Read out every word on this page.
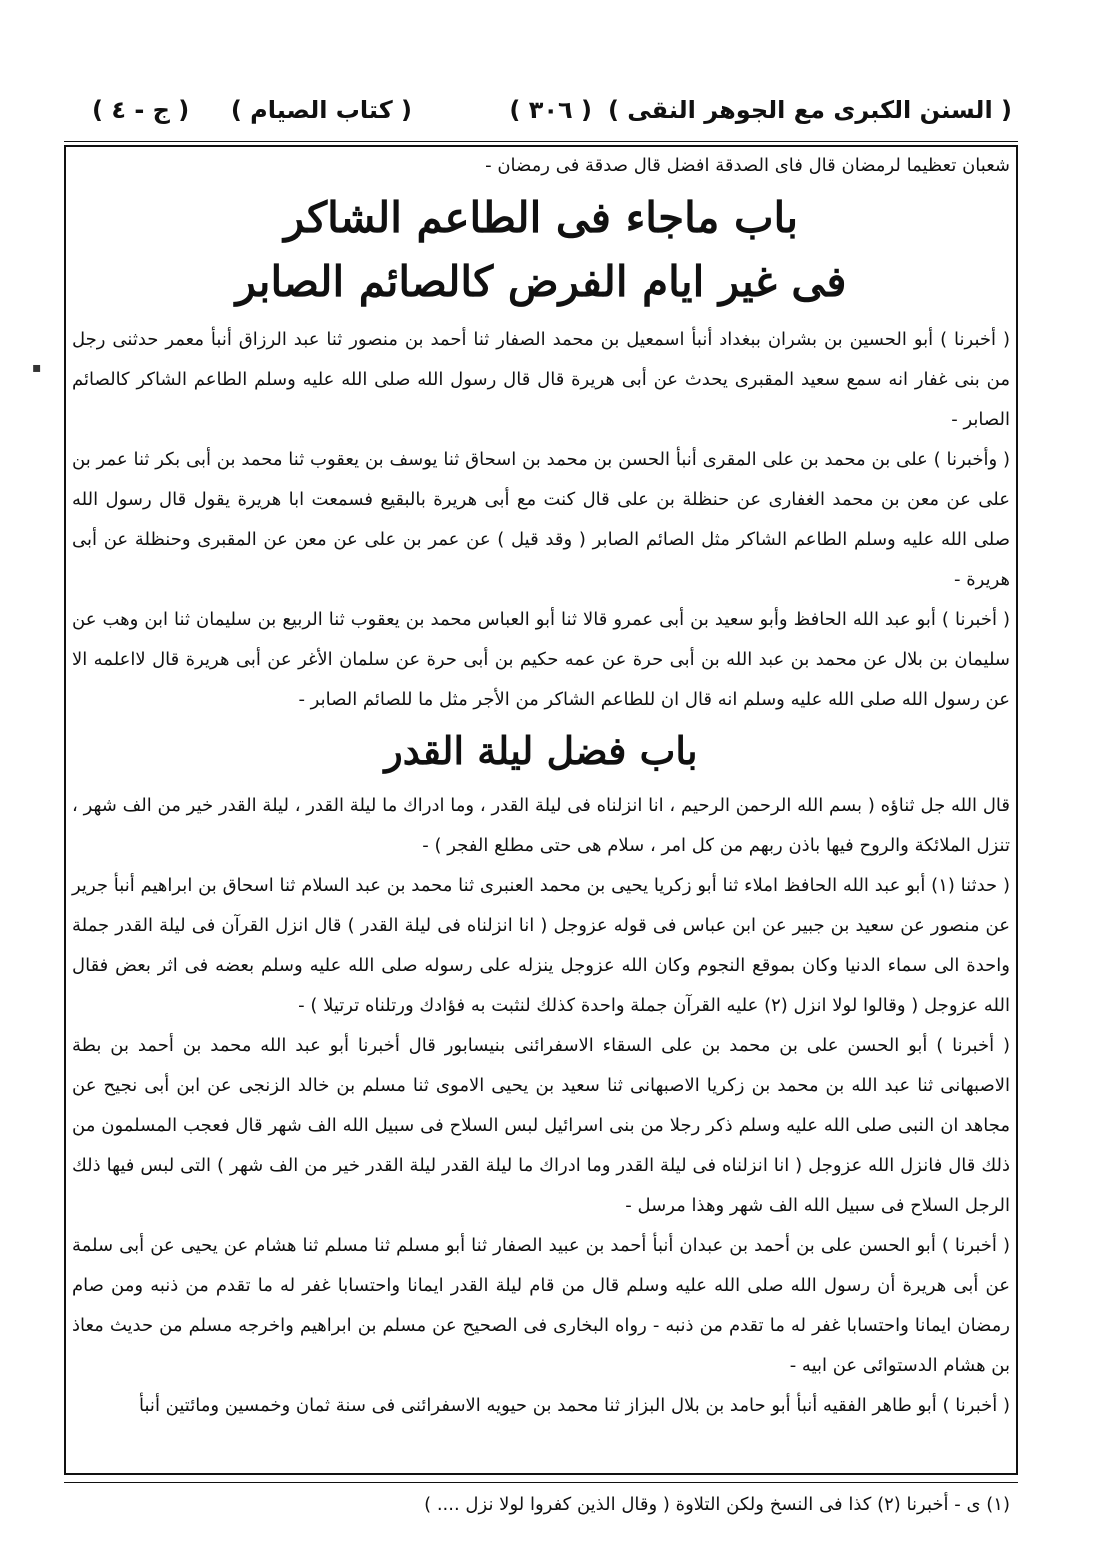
( السنن الكبرى مع الجوهر النقى )
( ٣٠٦ )
( كتاب الصيام )
( ج - ٤ )

شعبان تعظيما لرمضان قال فاى الصدقة افضل قال صدقة فى رمضان -

باب ماجاء فى الطاعم الشاكر
فى غير ايام الفرض كالصائم الصابر

( أخبرنا ) أبو الحسين بن بشران ببغداد أنبأ اسمعيل بن محمد الصفار ثنا أحمد بن منصور ثنا عبد الرزاق أنبأ معمر حدثنى رجل من بنى غفار انه سمع سعيد المقبرى يحدث عن أبى هريرة قال قال رسول الله صلى الله عليه وسلم الطاعم الشاكر كالصائم الصابر -

( وأخبرنا ) على بن محمد بن على المقرى أنبأ الحسن بن محمد بن اسحاق ثنا يوسف بن يعقوب ثنا محمد بن أبى بكر ثنا عمر بن على عن معن بن محمد الغفارى عن حنظلة بن على قال كنت مع أبى هريرة بالبقيع فسمعت ابا هريرة يقول قال رسول الله صلى الله عليه وسلم الطاعم الشاكر مثل الصائم الصابر ( وقد قيل ) عن عمر بن على عن معن عن المقبرى وحنظلة عن أبى هريرة -

( أخبرنا ) أبو عبد الله الحافظ وأبو سعيد بن أبى عمرو قالا ثنا أبو العباس محمد بن يعقوب ثنا الربيع بن سليمان ثنا ابن وهب عن سليمان بن بلال عن محمد بن عبد الله بن أبى حرة عن عمه حكيم بن أبى حرة عن سلمان الأغر عن أبى هريرة قال لااعلمه الا عن رسول الله صلى الله عليه وسلم انه قال ان للطاعم الشاكر من الأجر مثل ما للصائم الصابر -

باب فضل ليلة القدر

قال الله جل ثناؤه ( بسم الله الرحمن الرحيم ، انا انزلناه فى ليلة القدر ، وما ادراك ما ليلة القدر ، ليلة القدر خير من الف شهر ، تنزل الملائكة والروح فيها باذن ربهم من كل امر ، سلام هى حتى مطلع الفجر ) -

( حدثنا (١) أبو عبد الله الحافظ املاء ثنا أبو زكريا يحيى بن محمد العنبرى ثنا محمد بن عبد السلام ثنا اسحاق بن ابراهيم أنبأ جرير عن منصور عن سعيد بن جبير عن ابن عباس فى قوله عزوجل ( انا انزلناه فى ليلة القدر ) قال انزل القرآن فى ليلة القدر جملة واحدة الى سماء الدنيا وكان بموقع النجوم وكان الله عزوجل ينزله على رسوله صلى الله عليه وسلم بعضه فى اثر بعض فقال الله عزوجل ( وقالوا لولا انزل (٢) عليه القرآن جملة واحدة كذلك لنثبت به فؤادك ورتلناه ترتيلا ) -

( أخبرنا ) أبو الحسن على بن محمد بن على السقاء الاسفرائنى بنيسابور قال أخبرنا أبو عبد الله محمد بن أحمد بن بطة الاصبهانى ثنا عبد الله بن محمد بن زكريا الاصبهانى ثنا سعيد بن يحيى الاموى ثنا مسلم بن خالد الزنجى عن ابن أبى نجيح عن مجاهد ان النبى صلى الله عليه وسلم ذكر رجلا من بنى اسرائيل لبس السلاح فى سبيل الله الف شهر قال فعجب المسلمون من ذلك قال فانزل الله عزوجل ( انا انزلناه فى ليلة القدر وما ادراك ما ليلة القدر ليلة القدر خير من الف شهر ) التى لبس فيها ذلك الرجل السلاح فى سبيل الله الف شهر وهذا مرسل -

( أخبرنا ) أبو الحسن على بن أحمد بن عبدان أنبأ أحمد بن عبيد الصفار ثنا أبو مسلم ثنا مسلم ثنا هشام عن يحيى عن أبى سلمة عن أبى هريرة أن رسول الله صلى الله عليه وسلم قال من قام ليلة القدر ايمانا واحتسابا غفر له ما تقدم من ذنبه ومن صام رمضان ايمانا واحتسابا غفر له ما تقدم من ذنبه - رواه البخارى فى الصحيح عن مسلم بن ابراهيم واخرجه مسلم من حديث معاذ بن هشام الدستوائى عن ابيه -

( أخبرنا ) أبو طاهر الفقيه أنبأ أبو حامد بن بلال البزاز ثنا محمد بن حيويه الاسفرائنى فى سنة ثمان وخمسين ومائتين أنبأ

(١) ى - أخبرنا (٢) كذا فى النسخ ولكن التلاوة ( وقال الذين كفروا لولا نزل .... )
▪
